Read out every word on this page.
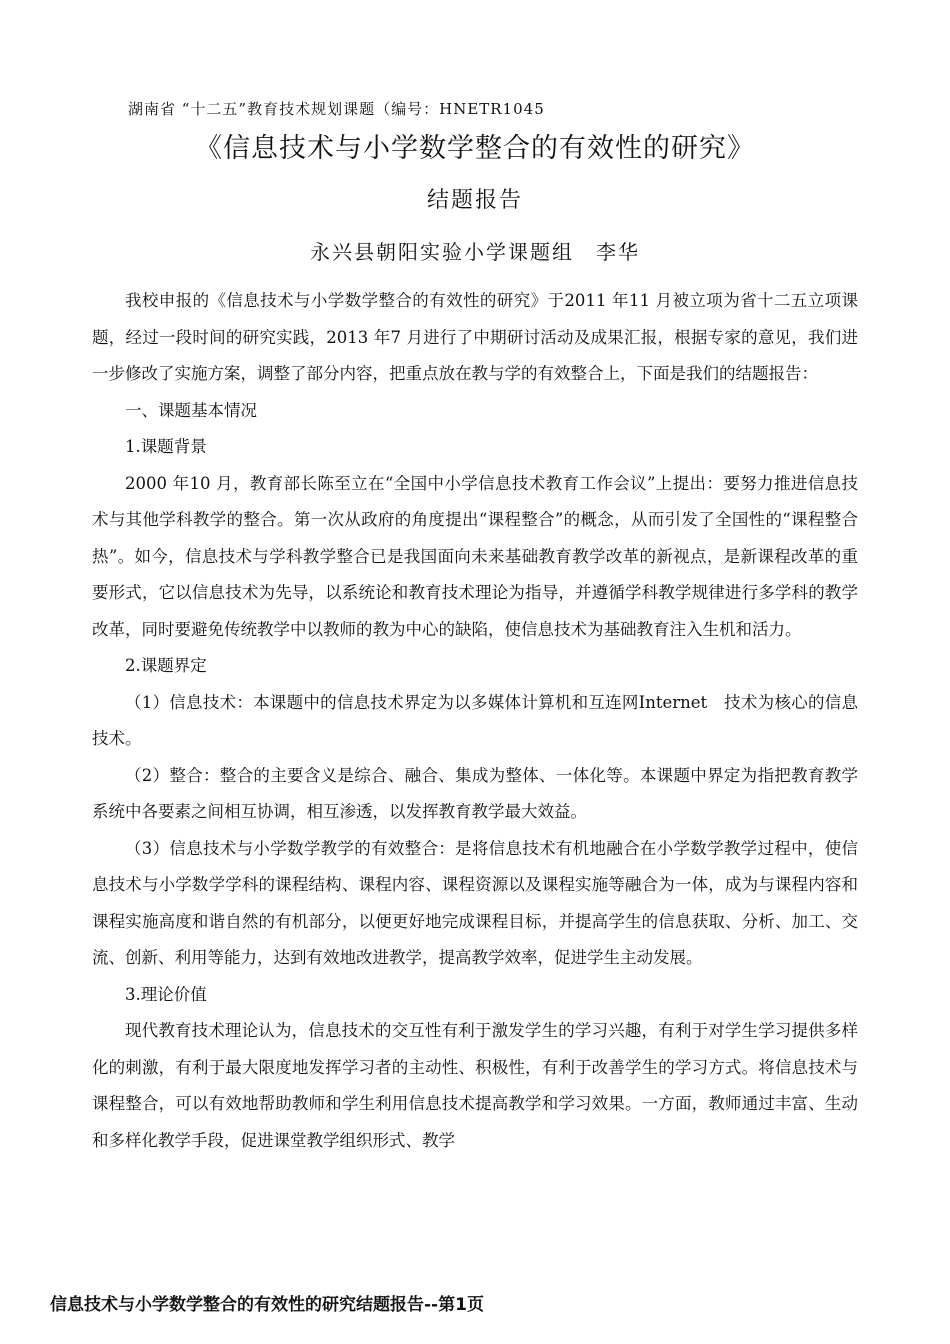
湖南省 “十二五”教育技术规划课题（编号：HNETR1045
《信息技术与小学数学整合的有效性的研究》
结题报告
永兴县朝阳实验小学课题组　李华

我校申报的《信息技术与小学数学整合的有效性的研究》于2011 年11 月被立项为省十二五立项课题，经过一段时间的研究实践，2013 年7 月进行了中期研讨活动及成果汇报，根据专家的意见，我们进一步修改了实施方案，调整了部分内容，把重点放在教与学的有效整合上，下面是我们的结题报告：

一、课题基本情况

1.课题背景

2000 年10 月，教育部长陈至立在“全国中小学信息技术教育工作会议”上提出：要努力推进信息技术与其他学科教学的整合。第一次从政府的角度提出“课程整合”的概念，从而引发了全国性的“课程整合热”。如今，信息技术与学科教学整合已是我国面向未来基础教育教学改革的新视点，是新课程改革的重要形式，它以信息技术为先导，以系统论和教育技术理论为指导，并遵循学科教学规律进行多学科的教学改革，同时要避免传统教学中以教师的教为中心的缺陷，使信息技术为基础教育注入生机和活力。

2.课题界定

（1）信息技术：本课题中的信息技术界定为以多媒体计算机和互连网Internet　技术为核心的信息技术。

（2）整合：整合的主要含义是综合、融合、集成为整体、一体化等。本课题中界定为指把教育教学系统中各要素之间相互协调，相互渗透，以发挥教育教学最大效益。

（3）信息技术与小学数学教学的有效整合：是将信息技术有机地融合在小学数学教学过程中，使信息技术与小学数学学科的课程结构、课程内容、课程资源以及课程实施等融合为一体，成为与课程内容和课程实施高度和谐自然的有机部分，以便更好地完成课程目标，并提高学生的信息获取、分析、加工、交流、创新、利用等能力，达到有效地改进教学，提高教学效率，促进学生主动发展。

3.理论价值

现代教育技术理论认为，信息技术的交互性有利于激发学生的学习兴趣，有利于对学生学习提供多样化的刺激，有利于最大限度地发挥学习者的主动性、积极性，有利于改善学生的学习方式。将信息技术与课程整合，可以有效地帮助教师和学生利用信息技术提高教学和学习效果。一方面，教师通过丰富、生动和多样化教学手段，促进课堂教学组织形式、教学

信息技术与小学数学整合的有效性的研究结题报告--第1页
